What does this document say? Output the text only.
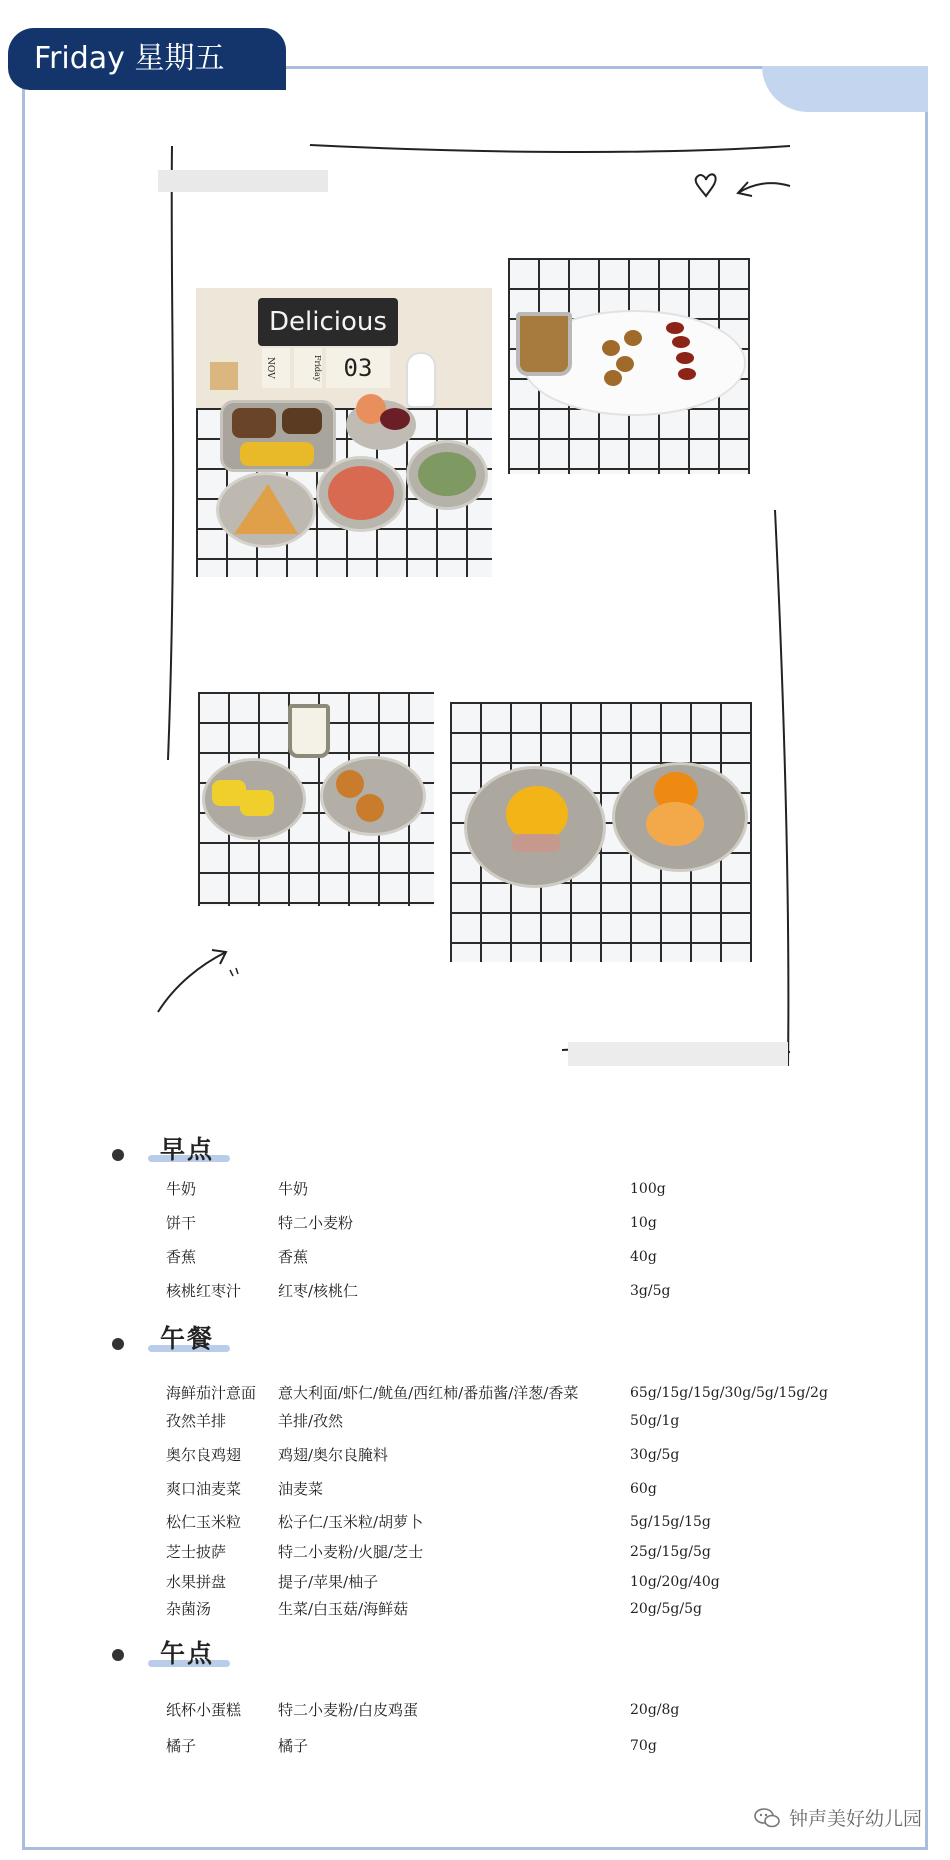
Friday 星期五
Delicious
NOV	Friday 03
早点
牛奶	牛奶	100g
饼干	特二小麦粉	10g
香蕉	香蕉	40g
核桃红枣汁 红枣/核桃仁	3g/5g
午餐
海鲜茄汁意面 意大利面/虾仁/鱿鱼/西红柿/番茄酱/洋葱/香菜	65g/15g/15g/30g/5g/15g/2g
孜然羊排	羊排/孜然	50g/1g
奥尔良鸡翅 鸡翅/奥尔良腌料	30g/5g
爽口油麦菜 油麦菜	60g
松仁玉米粒 松子仁/玉米粒/胡萝卜	5g/15g/15g
芝士披萨	特二小麦粉/火腿/芝士	25g/15g/5g
水果拼盘	提子/苹果/柚子	10g/20g/40g
杂菌汤	生菜/白玉菇/海鲜菇	20g/5g/5g
午点
纸杯小蛋糕 特二小麦粉/白皮鸡蛋	20g/8g
橘子	橘子	70g
钟声美好幼儿园
